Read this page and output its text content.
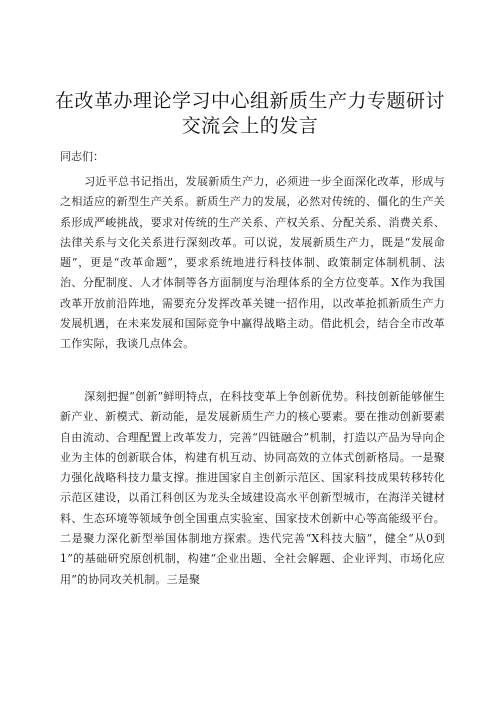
在改革办理论学习中心组新质生产力专题研讨
交流会上的发言
同志们：

习近平总书记指出，发展新质生产力，必须进一步全面深化改革，形成与之相适应的新型生产关系。新质生产力的发展，必然对传统的、僵化的生产关系形成严峻挑战，要求对传统的生产关系、产权关系、分配关系、消费关系、法律关系与文化关系进行深刻改革。可以说，发展新质生产力，既是“发展命题”，更是“改革命题”，要求系统地进行科技体制、政策制定体制机制、法治、分配制度、人才体制等各方面制度与治理体系的全方位变革。X作为我国改革开放前沿阵地，需要充分发挥改革关键一招作用，以改革抢抓新质生产力发展机遇，在未来发展和国际竞争中赢得战略主动。借此机会，结合全市改革工作实际，我谈几点体会。

深刻把握“创新”鲜明特点，在科技变革上争创新优势。科技创新能够催生新产业、新模式、新动能，是发展新质生产力的核心要素。要在推动创新要素自由流动、合理配置上改革发力，完善“四链融合”机制，打造以产品为导向企业为主体的创新联合体，构建有机互动、协同高效的立体式创新格局。一是聚力强化战略科技力量支撑。推进国家自主创新示范区、国家科技成果转移转化示范区建设，以甬江科创区为龙头全域建设高水平创新型城市，在海洋关键材料、生态环境等领域争创全国重点实验室、国家技术创新中心等高能级平台。二是聚力深化新型举国体制地方探索。迭代完善“X科技大脑”，健全“从0到1”的基础研究原创机制，构建“企业出题、全社会解题、企业评判、市场化应用”的协同攻关机制。三是聚
